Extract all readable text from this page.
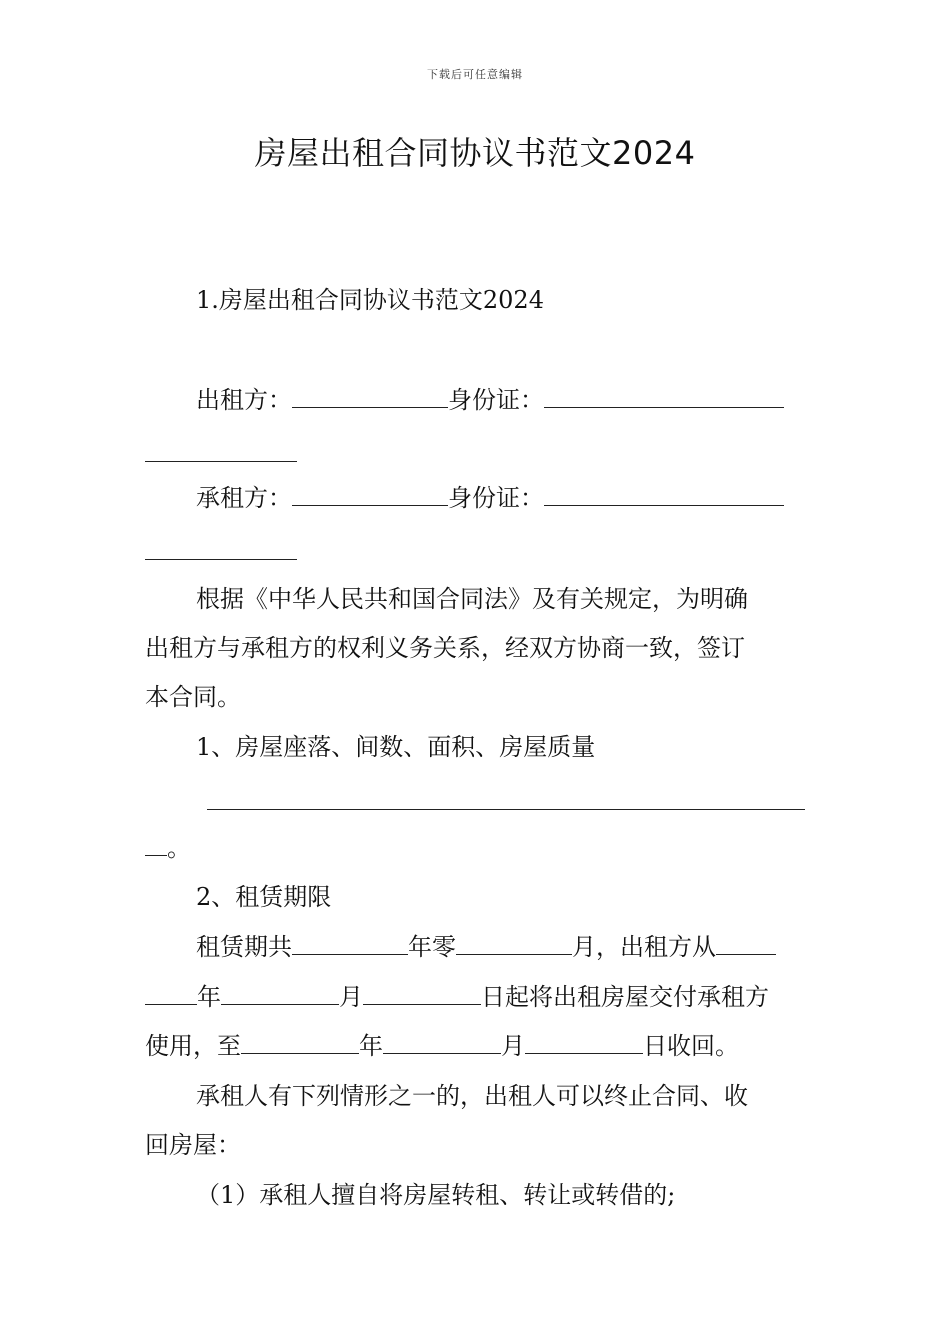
下载后可任意编辑
房屋出租合同协议书范文2024
1.房屋出租合同协议书范文2024
出租方：	身份证：
承租方：	身份证：
根据《中华人民共和国合同法》及有关规定，为明确
出租方与承租方的权利义务关系，经双方协商一致，签订
本合同。
1、房屋座落、间数、面积、房屋质量
。
2、租赁期限
租赁期共	年零	月，出租方从
年	月	日起将出租房屋交付承租方
使用，至	年	月	日收回。
承租人有下列情形之一的，出租人可以终止合同、收
回房屋：
（1）承租人擅自将房屋转租、转让或转借的;
